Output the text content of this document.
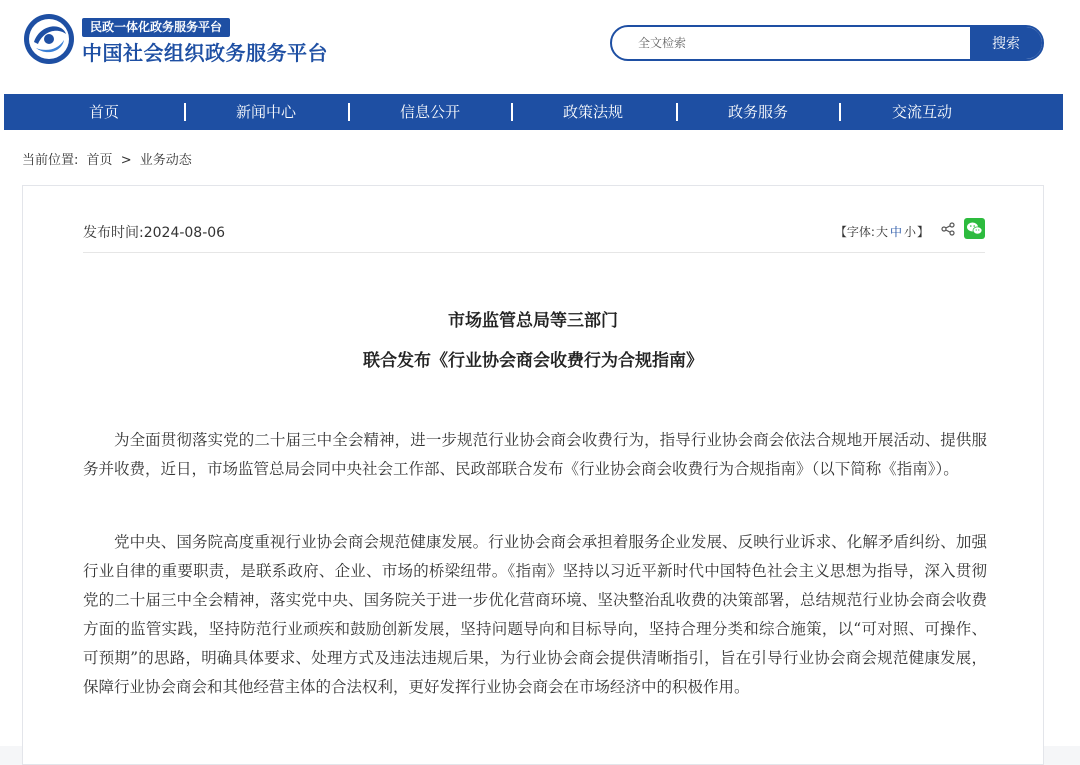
民政一体化政务服务平台
中国社会组织政务服务平台
全文检索	搜索
首页	新闻中心	信息公开	政策法规	政务服务	交流互动
当前位置: 首页 > 业务动态
发布时间:2024-08-06	【字体:大 中 小】
市场监管总局等三部门
联合发布《行业协会商会收费行为合规指南》

为全面贯彻落实党的二十届三中全会精神，进一步规范行业协会商会收费行为，指导行业协会商会依法合规地开展活动、提供服务并收费，近日，市场监管总局会同中央社会工作部、民政部联合发布《行业协会商会收费行为合规指南》（以下简称《指南》）。

党中央、国务院高度重视行业协会商会规范健康发展。行业协会商会承担着服务企业发展、反映行业诉求、化解矛盾纠纷、加强行业自律的重要职责，是联系政府、企业、市场的桥梁纽带。《指南》坚持以习近平新时代中国特色社会主义思想为指导，深入贯彻党的二十届三中全会精神，落实党中央、国务院关于进一步优化营商环境、坚决整治乱收费的决策部署，总结规范行业协会商会收费方面的监管实践，坚持防范行业顽疾和鼓励创新发展，坚持问题导向和目标导向，坚持合理分类和综合施策，以“可对照、可操作、可预期”的思路，明确具体要求、处理方式及违法违规后果，为行业协会商会提供清晰指引，旨在引导行业协会商会规范健康发展，保障行业协会商会和其他经营主体的合法权利，更好发挥行业协会商会在市场经济中的积极作用。
